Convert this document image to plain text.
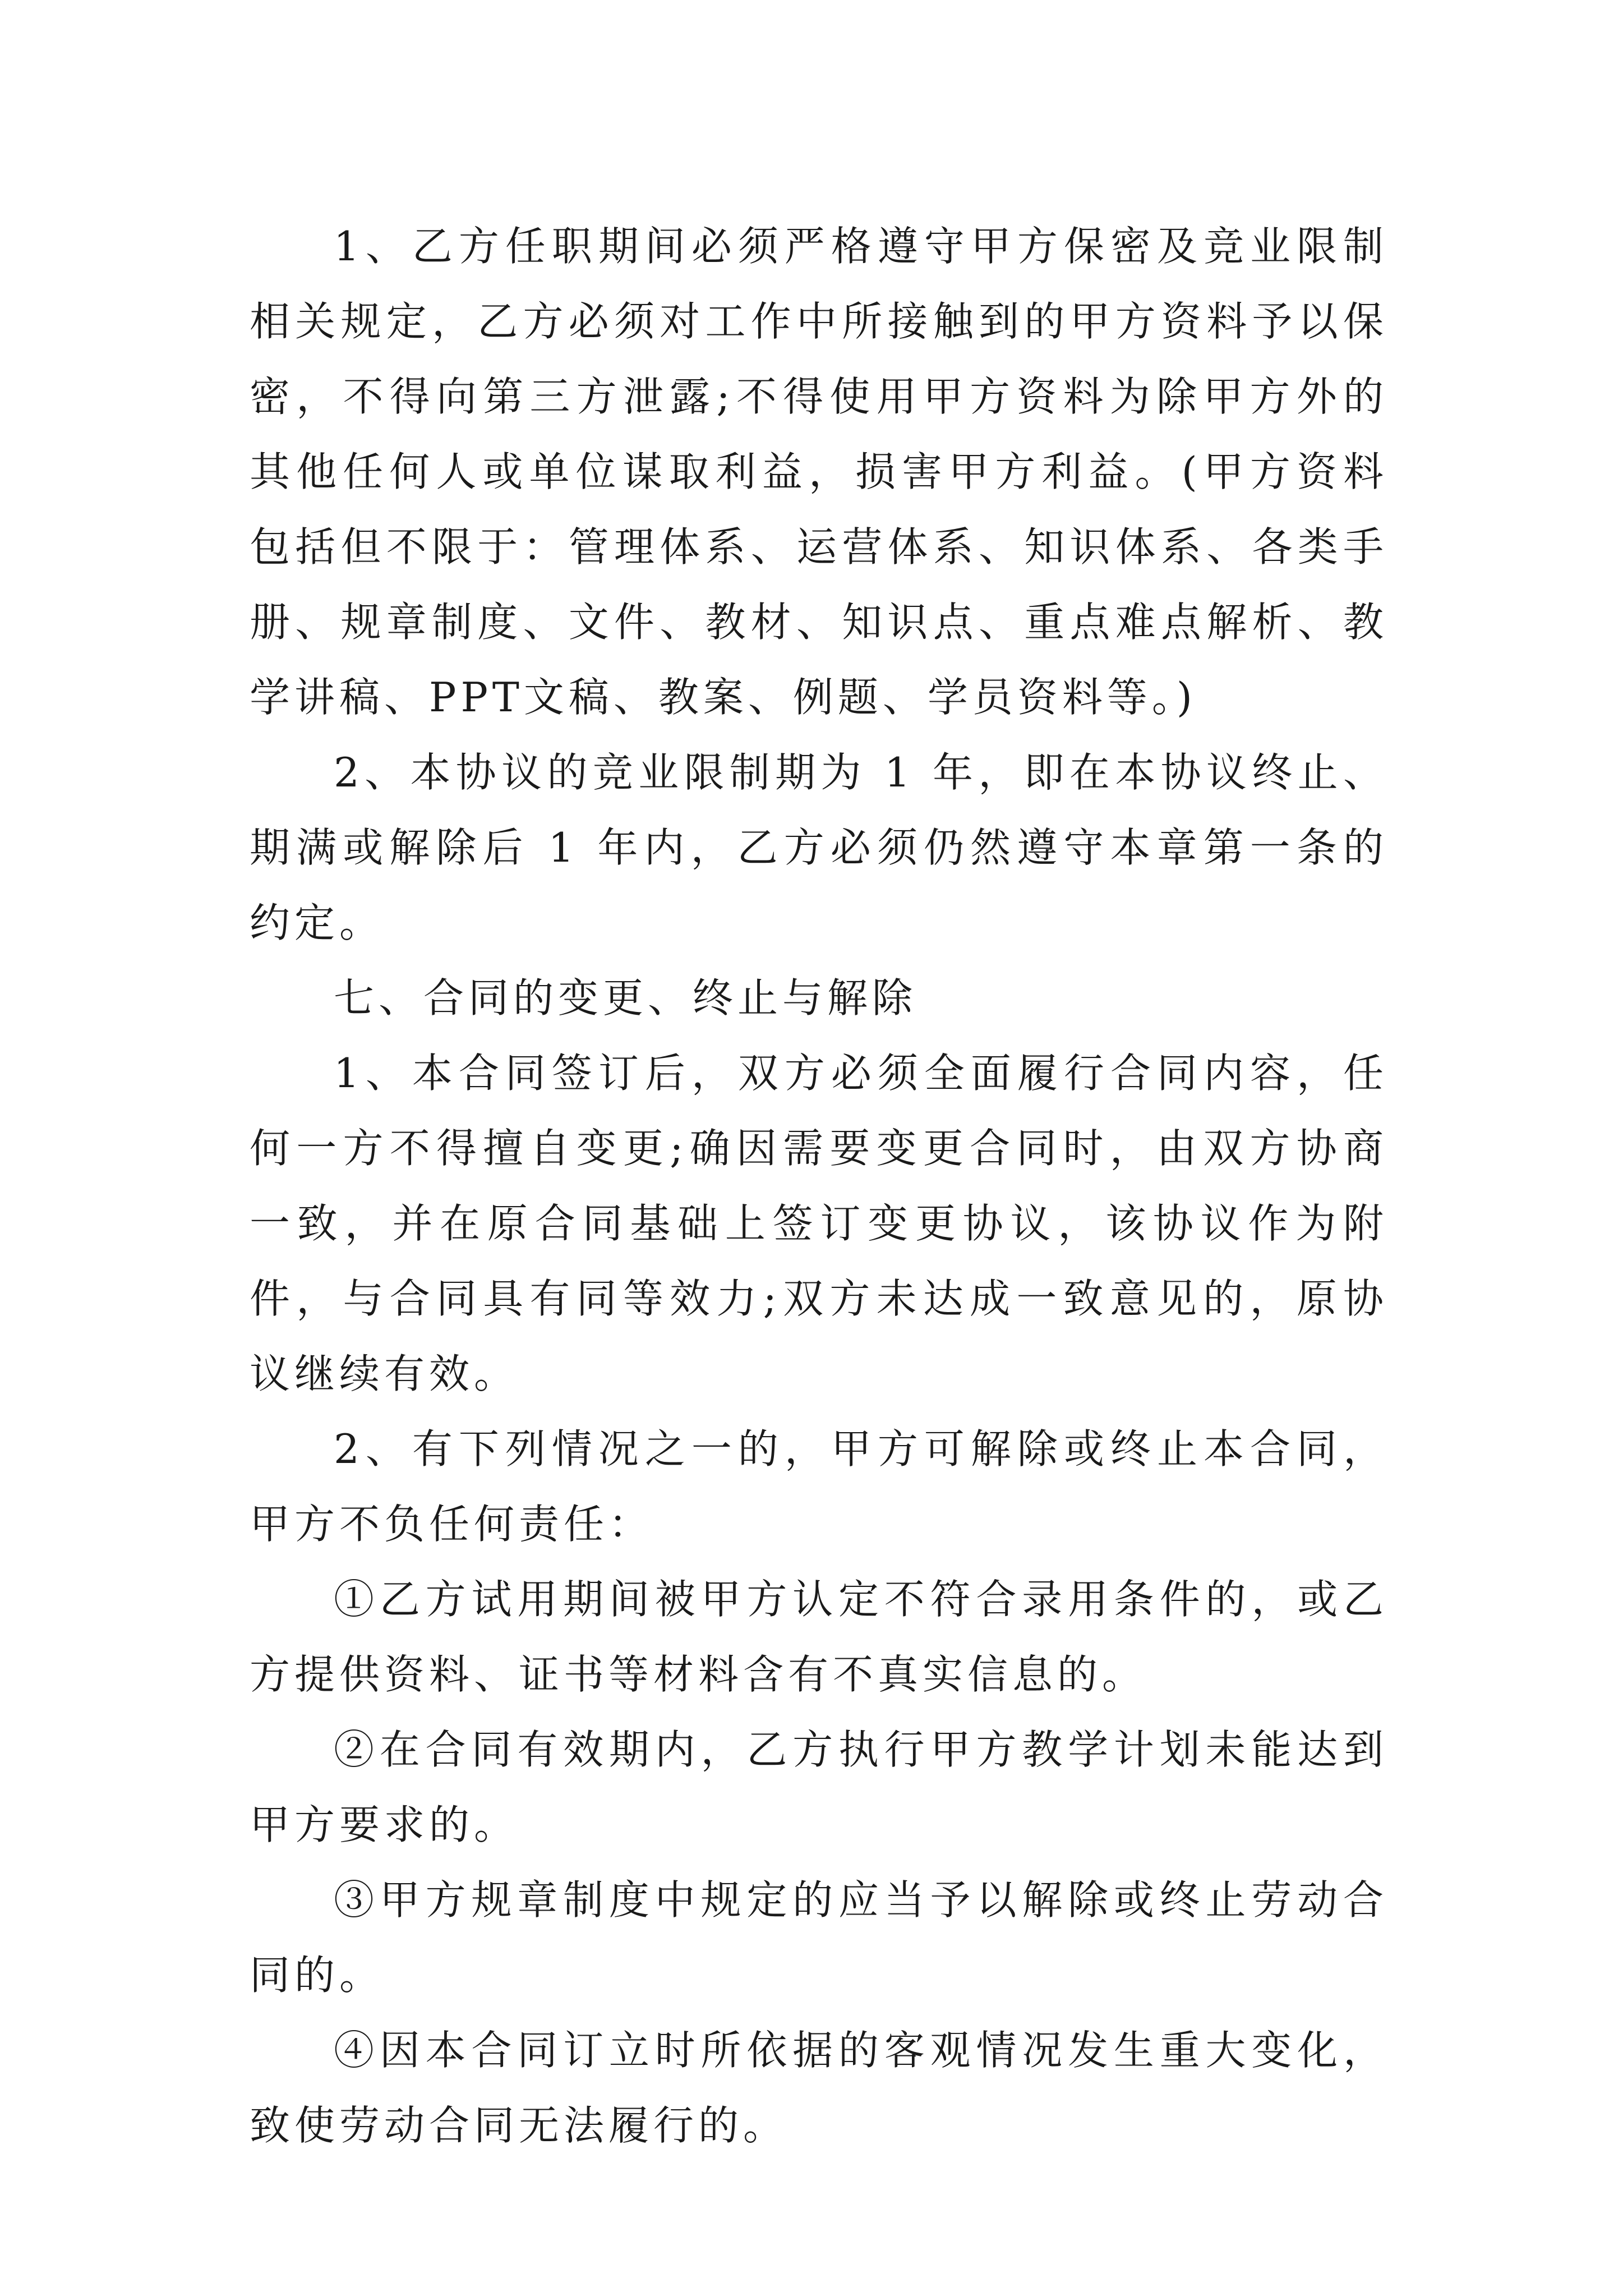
1、乙方任职期间必须严格遵守甲方保密及竞业限制相关规定，乙方必须对工作中所接触到的甲方资料予以保密，不得向第三方泄露;不得使用甲方资料为除甲方外的其他任何人或单位谋取利益，损害甲方利益。(甲方资料包括但不限于：管理体系、运营体系、知识体系、各类手册、规章制度、文件、教材、知识点、重点难点解析、教学讲稿、PPT文稿、教案、例题、学员资料等。)

2、本协议的竞业限制期为 1 年，即在本协议终止、期满或解除后 1 年内，乙方必须仍然遵守本章第一条的约定。

七、合同的变更、终止与解除

1、本合同签订后，双方必须全面履行合同内容，任何一方不得擅自变更;确因需要变更合同时，由双方协商一致，并在原合同基础上签订变更协议，该协议作为附件，与合同具有同等效力;双方未达成一致意见的，原协议继续有效。

2、有下列情况之一的，甲方可解除或终止本合同，甲方不负任何责任：

①乙方试用期间被甲方认定不符合录用条件的，或乙方提供资料、证书等材料含有不真实信息的。

②在合同有效期内，乙方执行甲方教学计划未能达到甲方要求的。

③甲方规章制度中规定的应当予以解除或终止劳动合同的。

④因本合同订立时所依据的客观情况发生重大变化，致使劳动合同无法履行的。
